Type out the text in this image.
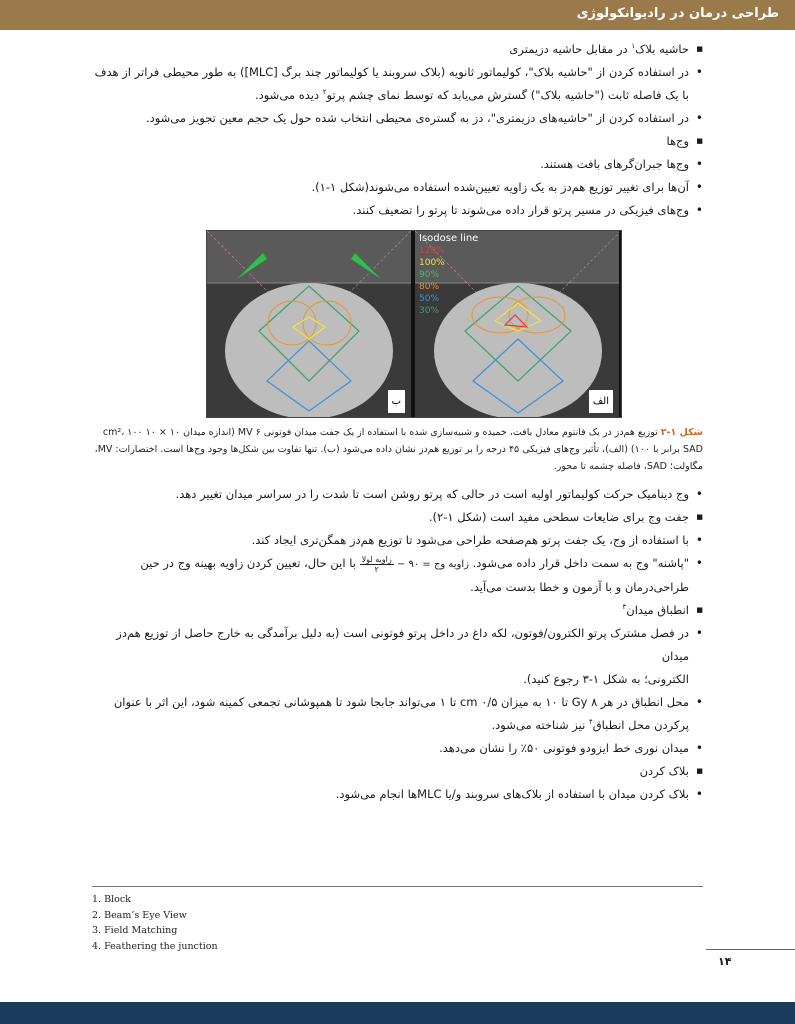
طراحی درمان در رادیوانکولوژی

■
حاشیه بلاک$^۱$ در مقابل حاشیه دزیمتری

•
در استفاده کردن از "حاشیه بلاک"، کولیماتور ثانویه (بلاک سروبند یا کولیماتور چند برگ [MLC]) به طور محیطی فراتر از هدف

با یک فاصله ثابت ("حاشیه بلاک") گسترش می‌یابد که توسط نمای چشم پرتو$^۲$ دیده می‌شود.

•
در استفاده کردن از "حاشیه‌های دزیمتری"، دز به گستره‌ی محیطی انتخاب شده حول یک حجم معین تجویز می‌شود.

■
وج‌ها

•
وج‌ها جبران‌گرهای بافت هستند.

•
آن‌ها برای تغییر توزیع هم‌دز به یک زاویه تعیین‌شده استفاده می‌شوند(شکل ۱-۱).

•
وج‌های فیزیکی در مسیر پرتو قرار داده می‌شوند تا پرتو را تضعیف کنند.

ب
Isodose line
120%
100%
90%
80%
50%
30%
الف
شکل ۱-۲ توزیع هم‌دز در یک فانتوم معادل بافت، خمیده و شبیه‌سازی شده با استفاده از یک جفت میدان فوتونی ۶ MV (اندازه میدان ۱۰ × ۱۰ cm²، ۱۰۰ SAD برابر با ۱۰۰) (الف)، تأثیر وج‌های فیزیکی ۴۵ درجه را بر توزیع هم‌دز نشان داده می‌شود (ب). تنها تفاوت بین شکل‌ها وجود وج‌ها است. اختصارات: MV، مگاولت؛ SAD، فاصله چشمه تا محور.

•
وج دینامیک حرکت کولیماتور اولیه است در حالی که پرتو روشن است تا شدت را در سراسر میدان تغییر دهد.

■
جفت وج برای ضایعات سطحی مفید است (شکل ۱-۲).

•
با استفاده از وج، یک جفت پرتو هم‌صفحه طراحی می‌شود تا توزیع هم‌دز همگن‌تری ایجاد کند.

•
"پاشنه" وج به سمت داخل قرار داده می‌شود. زاویه وج = ۹۰ −
$\frac{\text{زاویه لولا}}{۲}$
با این حال، تعیین کردن زاویه بهینه وج در حین

طراحی‌درمان و با آزمون و خطا بدست می‌آید.

■
انطباق میدان$^۳$

•
در فصل مشترک پرتو الکترون/فوتون، لکه داغ در داخل پرتو فوتونی است (به دلیل برآمدگی به خارج حاصل از توزیع هم‌دز میدان

الکترونی؛ به شکل ۱-۳ رجوع کنید).

•
محل انطباق در هر ۸ Gy تا ۱۰ به میزان ۰/۵ cm تا ۱ می‌تواند جابجا شود تا همپوشانی تجمعی کمینه شود، این اثر با عنوان

پرکردن محل انطباق$^۴$ نیز شناخته می‌شود.

•
میدان نوری خط ایزودو فوتونی ۵۰٪ را نشان می‌دهد.

■
بلاک کردن

•
بلاک کردن میدان با استفاده از بلاک‌های سروبند و/یا MLCها انجام می‌شود.

1. Block
2. Beam’s Eye View
3. Field Matching
4. Feathering the junction
۱۴
